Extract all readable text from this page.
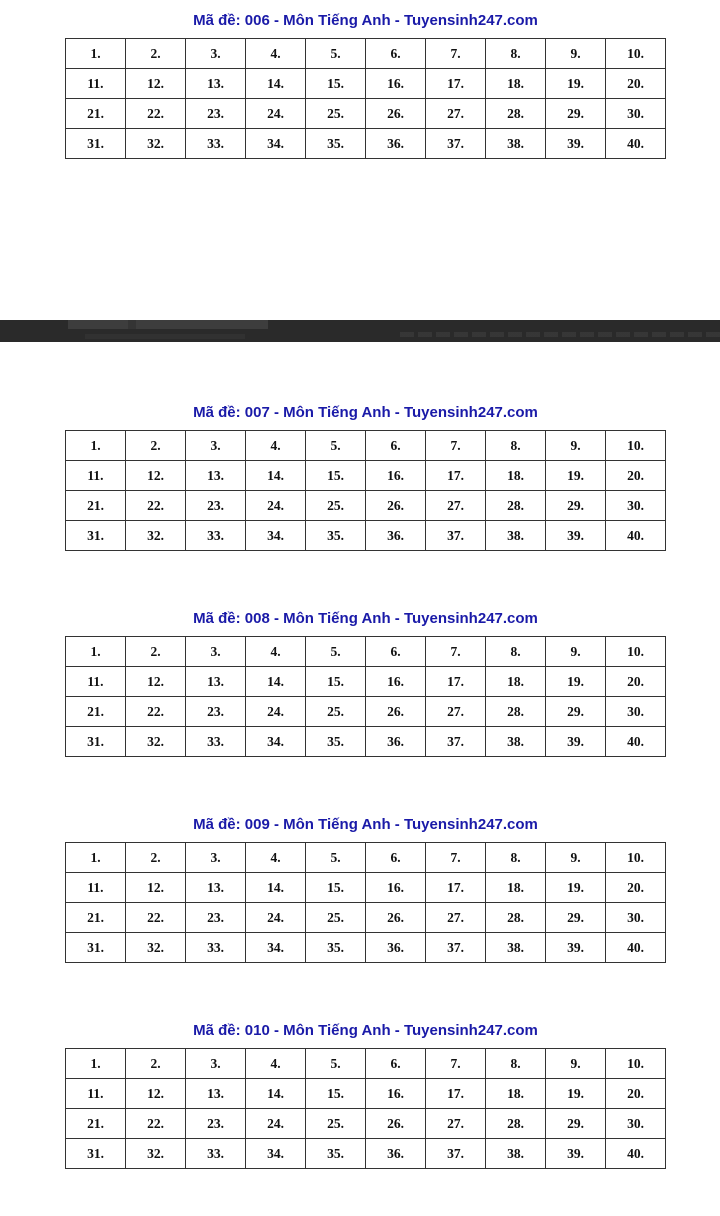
Mã đề: 006 - Môn Tiếng Anh - Tuyensinh247.com
1.	2.	3.	4.	5.	6.	7.	8.	9.	10.
11.	12.	13.	14.	15.	16.	17.	18.	19.	20.
21.	22.	23.	24.	25.	26.	27.	28.	29.	30.
31.	32.	33.	34.	35.	36.	37.	38.	39.	40.
Mã đề: 007 - Môn Tiếng Anh - Tuyensinh247.com
1.	2.	3.	4.	5.	6.	7.	8.	9.	10.
11.	12.	13.	14.	15.	16.	17.	18.	19.	20.
21.	22.	23.	24.	25.	26.	27.	28.	29.	30.
31.	32.	33.	34.	35.	36.	37.	38.	39.	40.
Mã đề: 008 - Môn Tiếng Anh - Tuyensinh247.com
1.	2.	3.	4.	5.	6.	7.	8.	9.	10.
11.	12.	13.	14.	15.	16.	17.	18.	19.	20.
21.	22.	23.	24.	25.	26.	27.	28.	29.	30.
31.	32.	33.	34.	35.	36.	37.	38.	39.	40.
Mã đề: 009 - Môn Tiếng Anh - Tuyensinh247.com
1.	2.	3.	4.	5.	6.	7.	8.	9.	10.
11.	12.	13.	14.	15.	16.	17.	18.	19.	20.
21.	22.	23.	24.	25.	26.	27.	28.	29.	30.
31.	32.	33.	34.	35.	36.	37.	38.	39.	40.
Mã đề: 010 - Môn Tiếng Anh - Tuyensinh247.com
1.	2.	3.	4.	5.	6.	7.	8.	9.	10.
11.	12.	13.	14.	15.	16.	17.	18.	19.	20.
21.	22.	23.	24.	25.	26.	27.	28.	29.	30.
31.	32.	33.	34.	35.	36.	37.	38.	39.	40.
